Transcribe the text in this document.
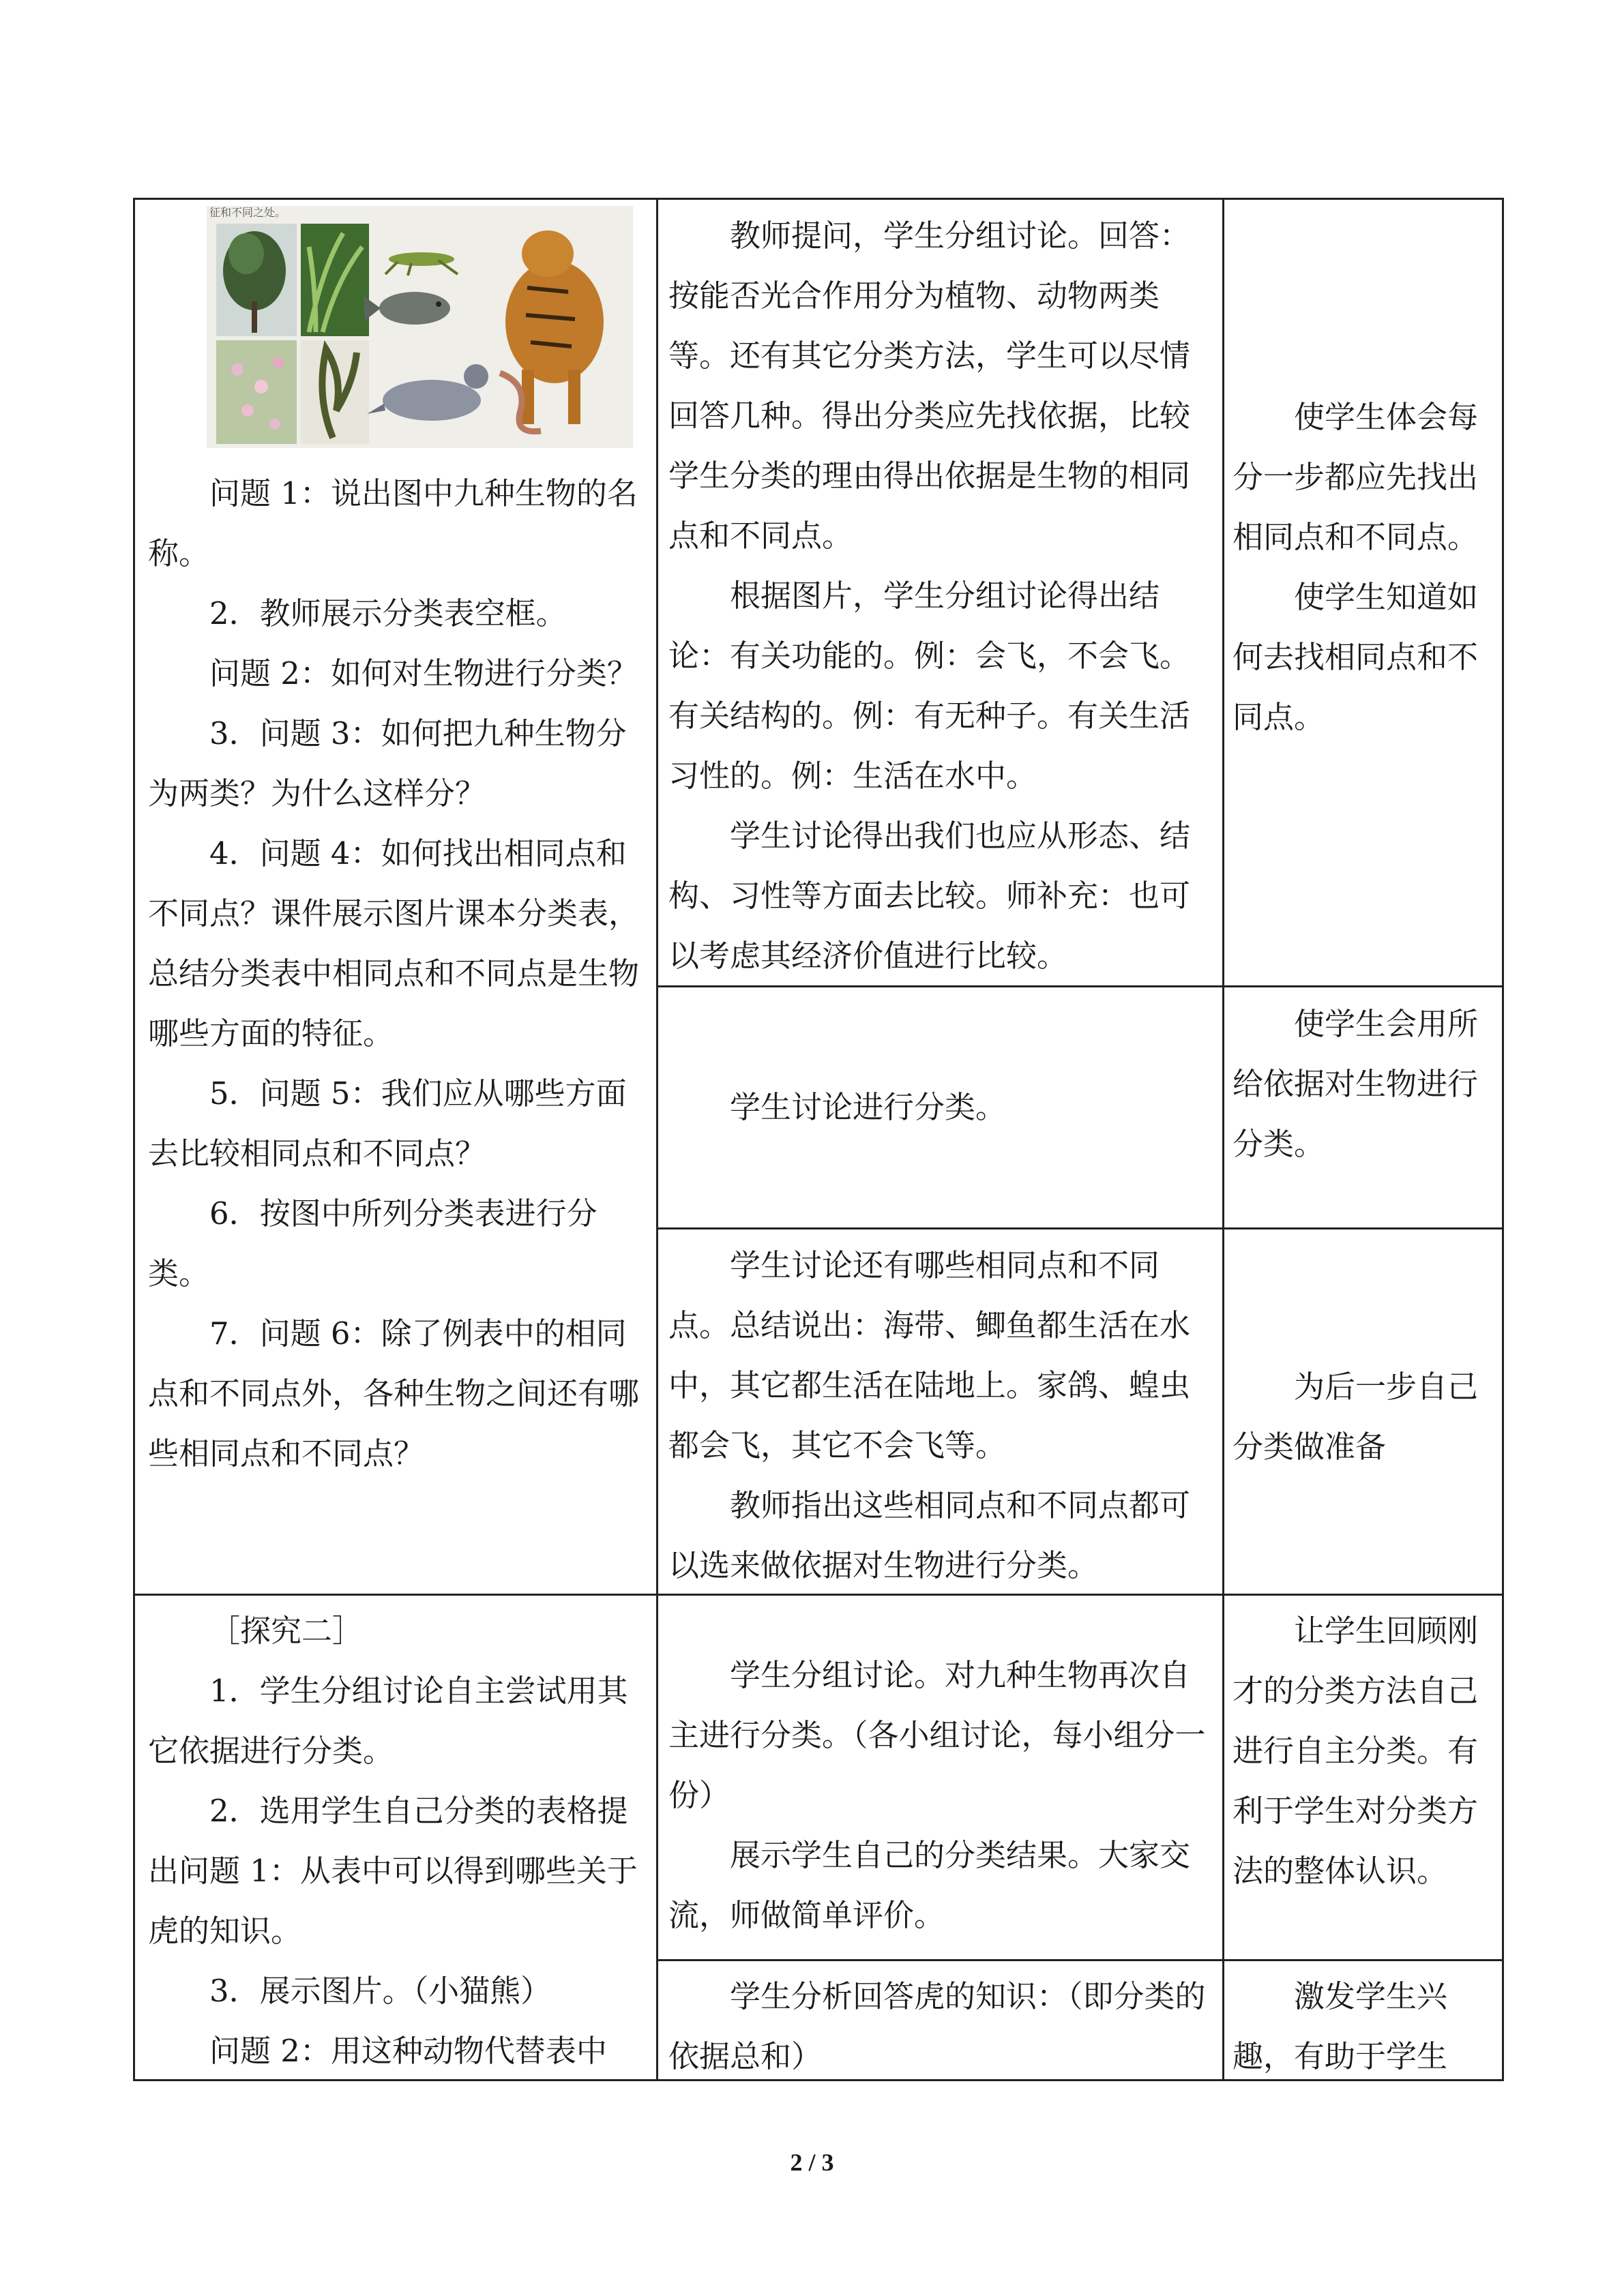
征和不同之处。

问题 1：说出图中九种生物的名称。

2．教师展示分类表空框。

问题 2：如何对生物进行分类？

3．问题 3：如何把九种生物分为两类？为什么这样分？

4．问题 4：如何找出相同点和不同点？课件展示图片课本分类表，总结分类表中相同点和不同点是生物哪些方面的特征。

5．问题 5：我们应从哪些方面去比较相同点和不同点？

6．按图中所列分类表进行分类。

7．问题 6：除了例表中的相同点和不同点外，各种生物之间还有哪些相同点和不同点？

［探究二］

1．学生分组讨论自主尝试用其它依据进行分类。

2．选用学生自己分类的表格提出问题 1：从表中可以得到哪些关于虎的知识。

3．展示图片。（小猫熊）

问题 2：用这种动物代替表中

教师提问，学生分组讨论。回答：按能否光合作用分为植物、动物两类等。还有其它分类方法，学生可以尽情回答几种。得出分类应先找依据，比较学生分类的理由得出依据是生物的相同点和不同点。

根据图片，学生分组讨论得出结论：有关功能的。例：会飞，不会飞。有关结构的。例：有无种子。有关生活习性的。例：生活在水中。

学生讨论得出我们也应从形态、结构、习性等方面去比较。师补充：也可以考虑其经济价值进行比较。

使学生体会每分一步都应先找出相同点和不同点。

使学生知道如何去找相同点和不同点。

学生讨论进行分类。

使学生会用所给依据对生物进行分类。

学生讨论还有哪些相同点和不同点。总结说出：海带、鲫鱼都生活在水中，其它都生活在陆地上。家鸽、蝗虫都会飞，其它不会飞等。

教师指出这些相同点和不同点都可以选来做依据对生物进行分类。

为后一步自己分类做准备

学生分组讨论。对九种生物再次自主进行分类。（各小组讨论，每小组分一份）

展示学生自己的分类结果。大家交流，师做简单评价。

让学生回顾刚才的分类方法自己进行自主分类。有利于学生对分类方法的整体认识。

学生分析回答虎的知识：（即分类的依据总和）

激发学生兴趣，有助于学生

2 / 3
